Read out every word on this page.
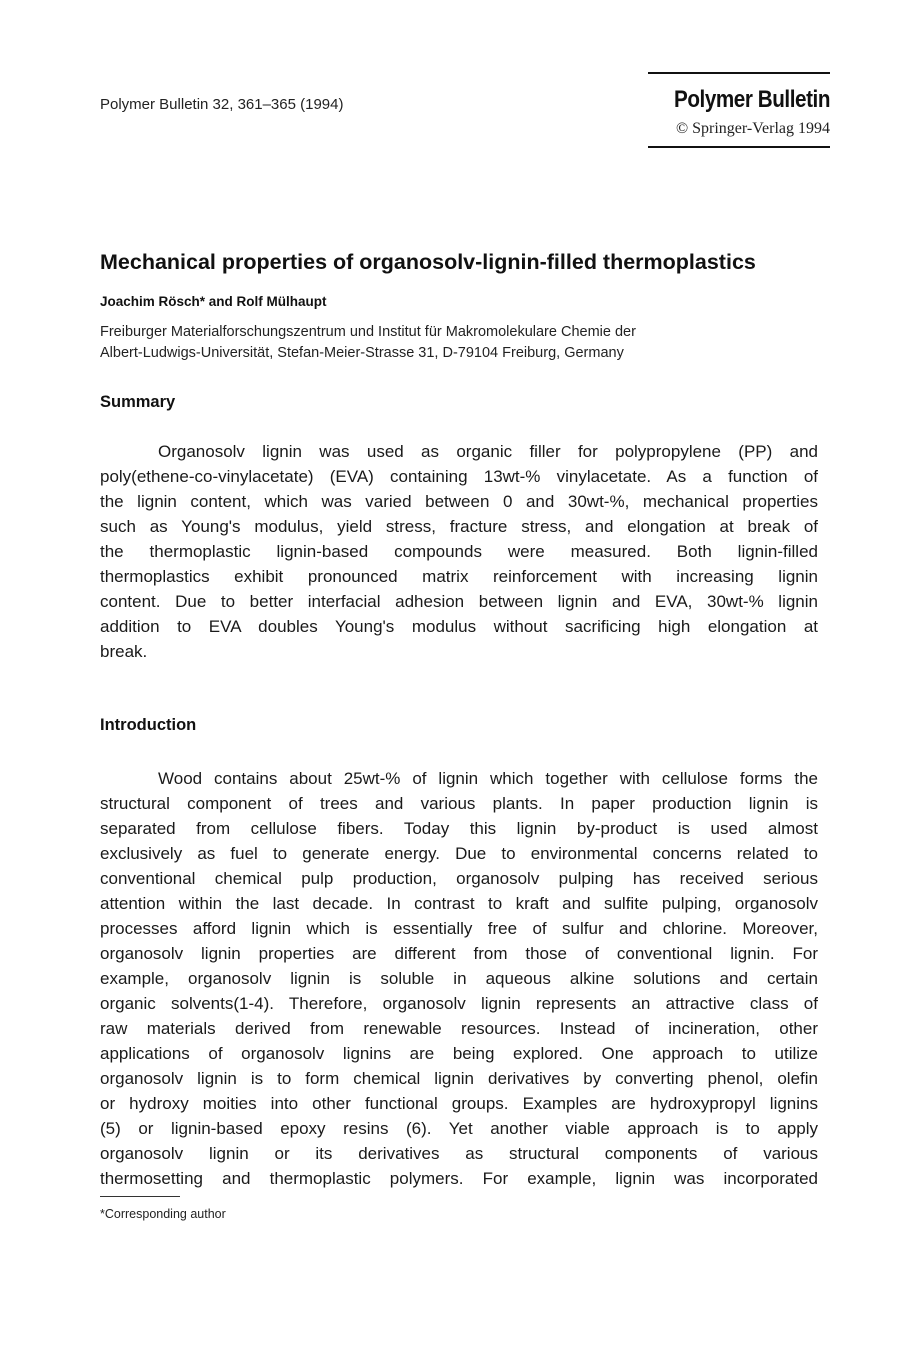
Polymer Bulletin 32, 361–365 (1994)	Polymer Bulletin
© Springer-Verlag 1994
Mechanical properties of organosolv-lignin-filled thermoplastics
Joachim Rösch* and Rolf Mülhaupt
Freiburger Materialforschungszentrum und Institut für Makromolekulare Chemie der
Albert-Ludwigs-Universität, Stefan-Meier-Strasse 31, D-79104 Freiburg, Germany
Summary
Organosolv lignin was used as organic filler for polypropylene (PP) and
poly(ethene-co-vinylacetate) (EVA) containing 13wt-% vinylacetate. As a function of
the lignin content, which was varied between 0 and 30wt-%, mechanical properties
such as Young's modulus, yield stress, fracture stress, and elongation at break of
the thermoplastic lignin-based compounds were measured. Both lignin-filled
thermoplastics exhibit pronounced matrix reinforcement with increasing lignin
content. Due to better interfacial adhesion between lignin and EVA, 30wt-% lignin
addition to EVA doubles Young's modulus without sacrificing high elongation at
break.
Introduction
Wood contains about 25wt-% of lignin which together with cellulose forms the
structural component of trees and various plants. In paper production lignin is
separated from cellulose fibers. Today this lignin by-product is used almost
exclusively as fuel to generate energy. Due to environmental concerns related to
conventional chemical pulp production, organosolv pulping has received serious
attention within the last decade. In contrast to kraft and sulfite pulping, organosolv
processes afford lignin which is essentially free of sulfur and chlorine. Moreover,
organosolv lignin properties are different from those of conventional lignin. For
example, organosolv lignin is soluble in aqueous alkine solutions and certain
organic solvents(1-4). Therefore, organosolv lignin represents an attractive class of
raw materials derived from renewable resources. Instead of incineration, other
applications of organosolv lignins are being explored. One approach to utilize
organosolv lignin is to form chemical lignin derivatives by converting phenol, olefin
or hydroxy moities into other functional groups. Examples are hydroxypropyl lignins
(5) or lignin-based epoxy resins (6). Yet another viable approach is to apply
organosolv lignin or its derivatives as structural components of various
thermosetting and thermoplastic polymers. For example, lignin was incorporated
*Corresponding author
